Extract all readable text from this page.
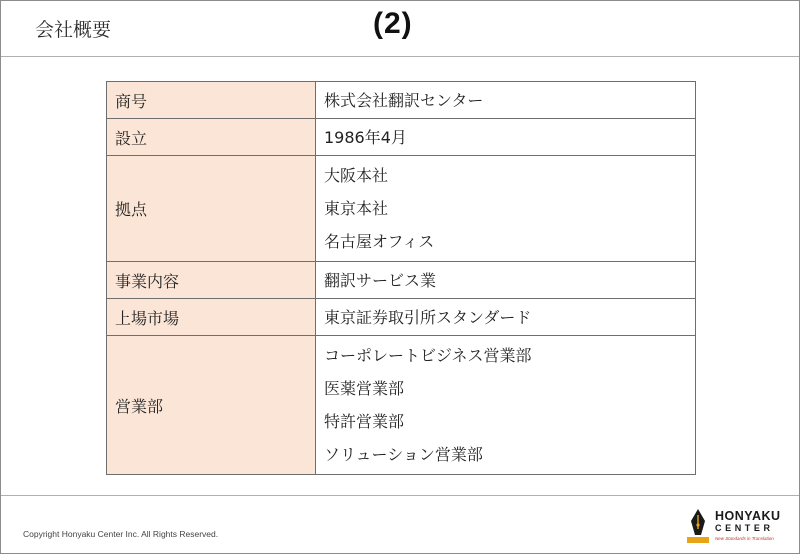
会社概要	(2)
商号	株式会社翻訳センター

設立	1986年4月

拠点	大阪本社
東京本社
名古屋オフィス

事業内容	翻訳サービス業

上場市場	東京証券取引所スタンダード

営業部	コーポレートビジネス営業部
医薬営業部
特許営業部
ソリューション営業部
Copyright Honyaku Center Inc. All Rights Reserved.
HONYAKU
CENTER
New Standards in Translation
